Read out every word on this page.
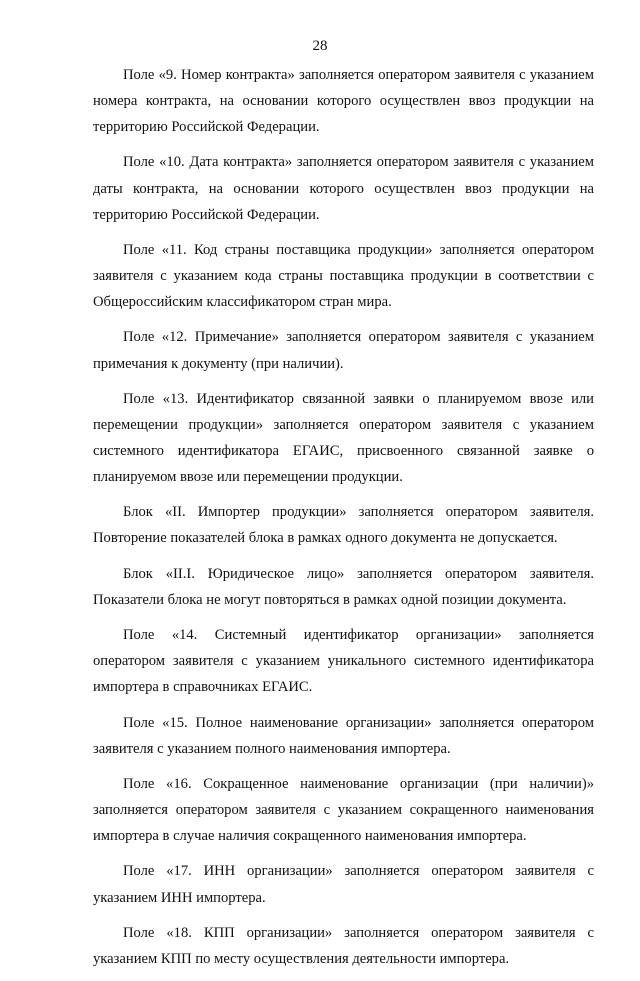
28

Поле «9. Номер контракта» заполняется оператором заявителя с указанием номера контракта, на основании которого осуществлен ввоз продукции на территорию Российской Федерации.

Поле «10. Дата контракта» заполняется оператором заявителя с указанием даты контракта, на основании которого осуществлен ввоз продукции на территорию Российской Федерации.

Поле «11. Код страны поставщика продукции» заполняется оператором заявителя с указанием кода страны поставщика продукции в соответствии с Общероссийским классификатором стран мира.

Поле «12. Примечание» заполняется оператором заявителя с указанием примечания к документу (при наличии).

Поле «13. Идентификатор связанной заявки о планируемом ввозе или перемещении продукции» заполняется оператором заявителя с указанием системного идентификатора ЕГАИС, присвоенного связанной заявке о планируемом ввозе или перемещении продукции.

Блок «II. Импортер продукции» заполняется оператором заявителя. Повторение показателей блока в рамках одного документа не допускается.

Блок «II.I. Юридическое лицо» заполняется оператором заявителя. Показатели блока не могут повторяться в рамках одной позиции документа.

Поле «14. Системный идентификатор организации» заполняется оператором заявителя с указанием уникального системного идентификатора импортера в справочниках ЕГАИС.

Поле «15. Полное наименование организации» заполняется оператором заявителя с указанием полного наименования импортера.

Поле «16. Сокращенное наименование организации (при наличии)» заполняется оператором заявителя с указанием сокращенного наименования импортера в случае наличия сокращенного наименования импортера.

Поле «17. ИНН организации» заполняется оператором заявителя с указанием ИНН импортера.

Поле «18. КПП организации» заполняется оператором заявителя с указанием КПП по месту осуществления деятельности импортера.
